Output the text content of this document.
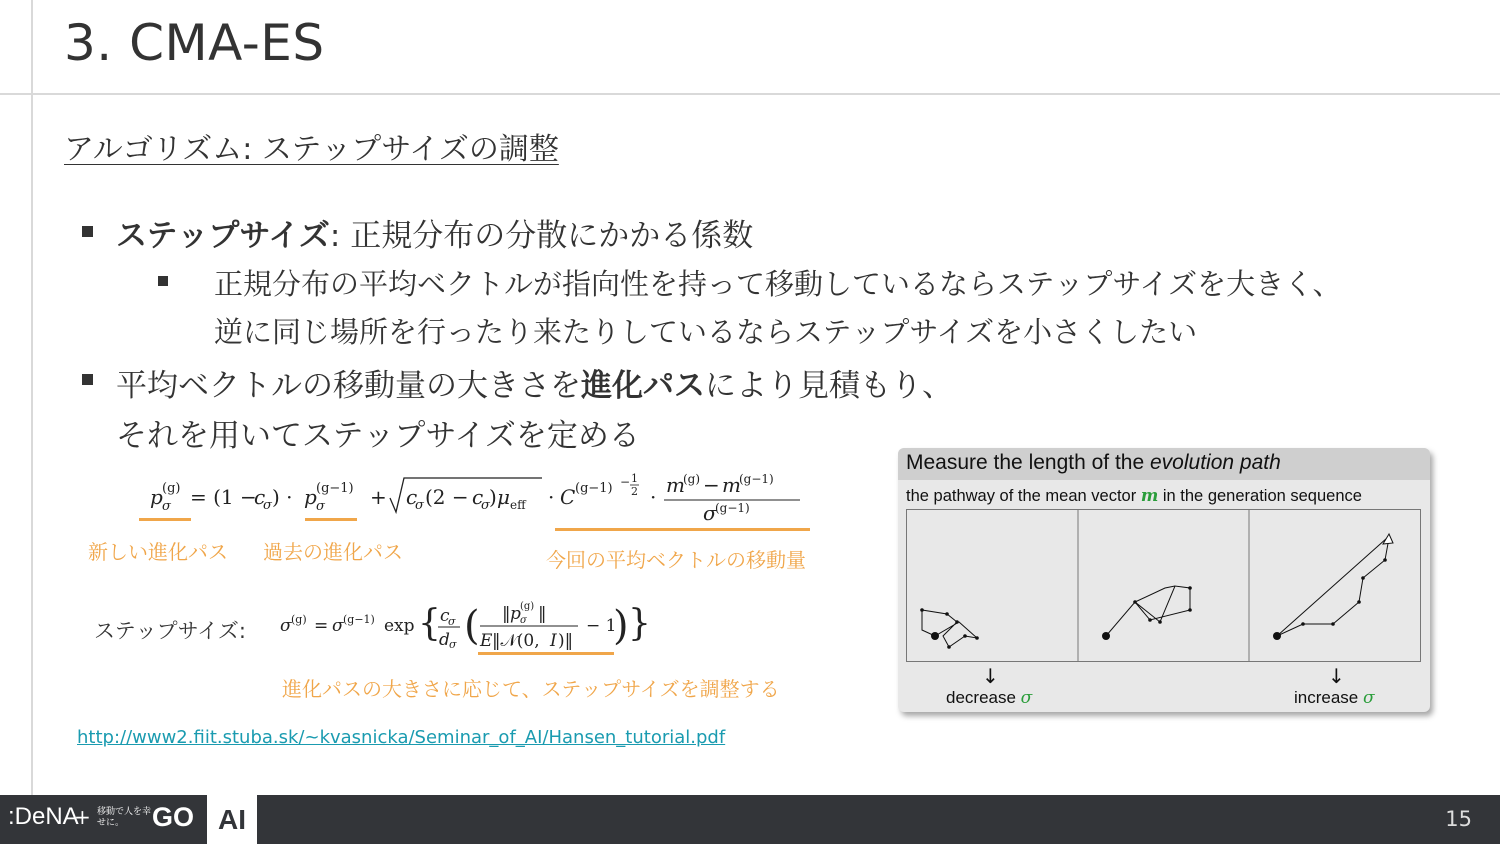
3. CMA-ES
アルゴリズム: ステップサイズの調整
ステップサイズ: 正規分布の分散にかかる係数
正規分布の平均ベクトルが指向性を持って移動しているならステップサイズを大きく、
逆に同じ場所を行ったり来たりしているならステップサイズを小さくしたい
平均ベクトルの移動量の大きさを進化パスにより見積もり、
それを用いてステップサイズを定める
p (g)
σ = (1 −
c
σ ) · p (g−1)
σ + c
σ (2 − c
σ ) μ eff · C (g−1) − 1
2 · m
(g) − m
(g−1)
σ
(g−1)
新しい進化パス 過去の進化パス	今回の平均ベクトルの移動量
ステップサイズ: σ (g) = σ (g−1) exp { c
σ
d σ ( ‖ p (g)
σ ‖
E ‖𝒩(0, I )‖
− 1
) }
進化パスの大きさに応じて、ステップサイズを調整する
http://www2.fiit.stuba.sk/~kvasnicka/Seminar_of_AI/Hansen_tutorial.pdf
Measure the length of the evolution path
the pathway of the mean vector m in the generation sequence
↓	↓
decrease σ	increase σ
:DeNA
+ 移動で人を幸せに。	GO AI	15
